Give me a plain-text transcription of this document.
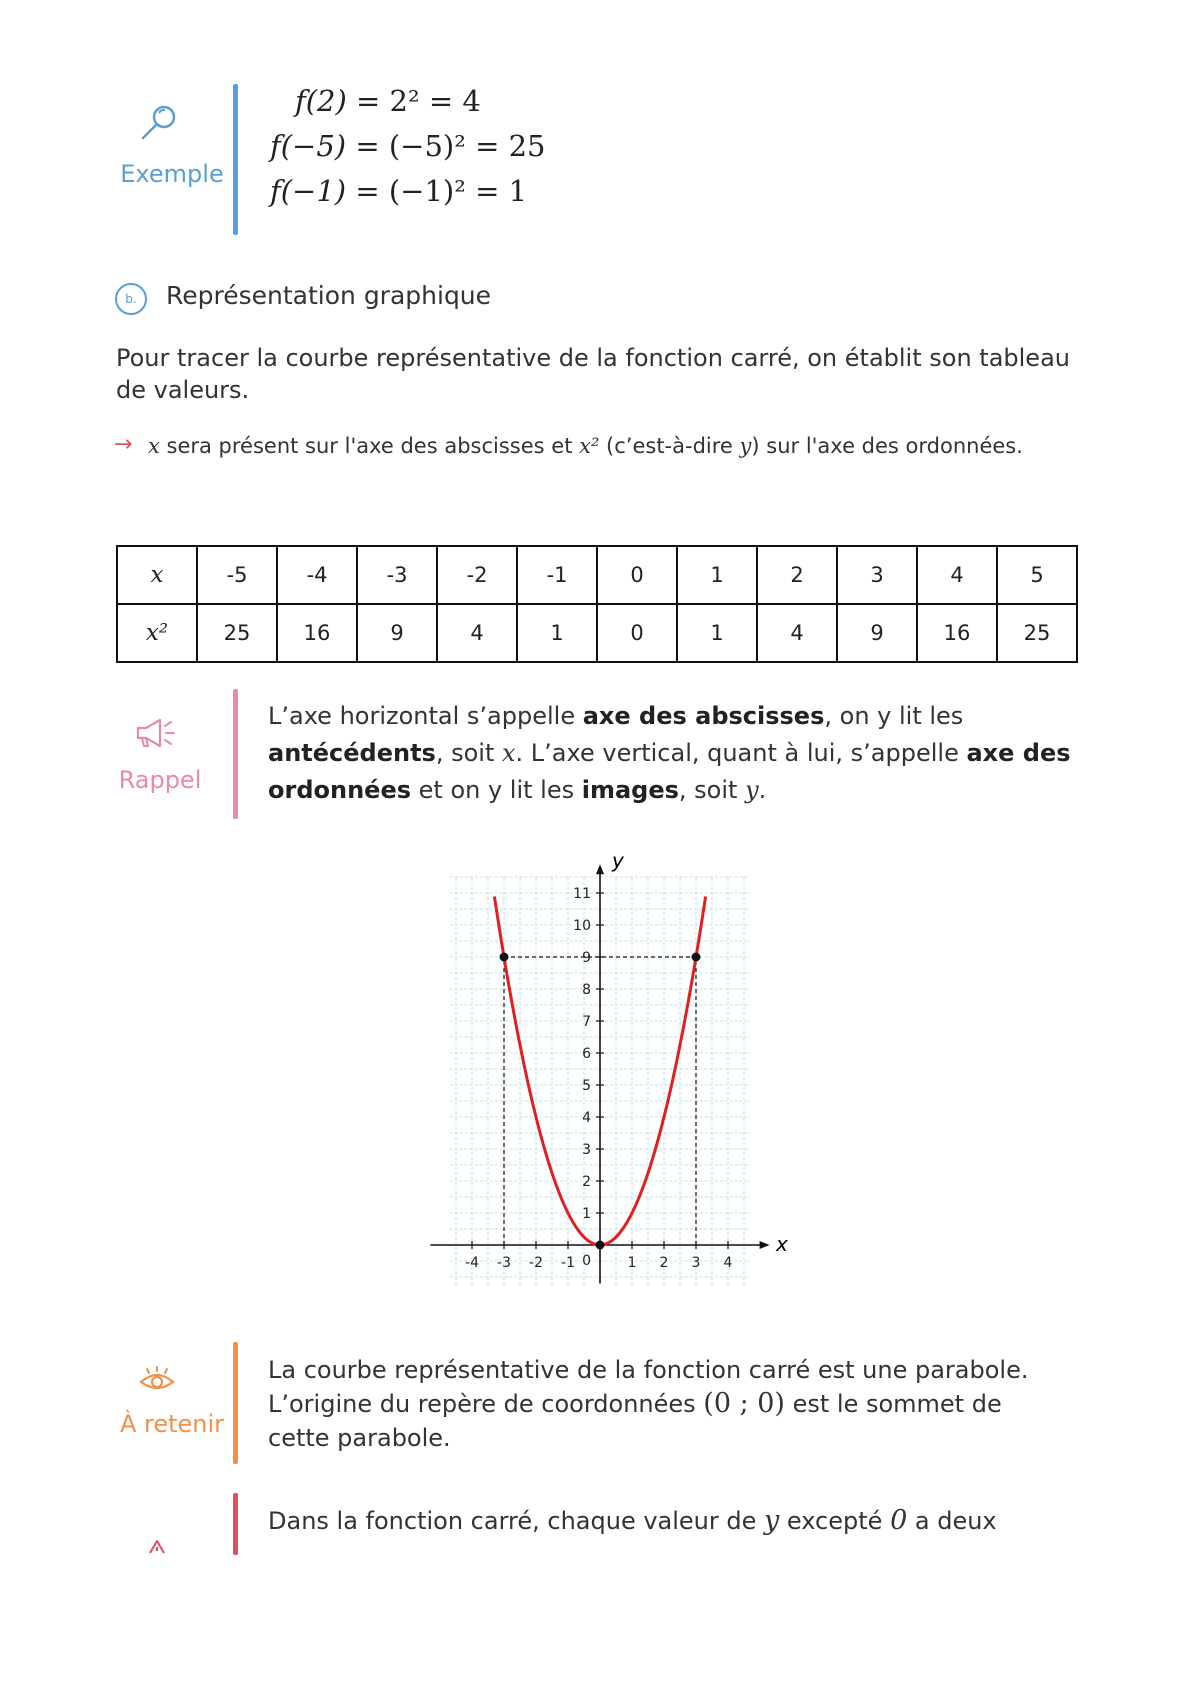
Exemple
f(2) = 2² = 4
f(−5) = (−5)² = 25
f(−1) = (−1)² = 1
b.	Représentation graphique
Pour tracer la courbe représentative de la fonction carré, on établit son tableau de valeurs.
→ x sera présent sur l'axe des abscisses et x² (c’est-à-dire y) sur l'axe des ordonnées.
x	-5	-4	-3	-2	-1	0	1	2	3	4	5
x²	25	16	9	4	1	0	1	4	9	16	25
Rappel
L’axe horizontal s’appelle axe des abscisses, on y lit les antécédents, soit x. L’axe vertical, quant à lui, s’appelle axe des ordonnées et on y lit les images, soit y.
x
y
-4 -3 -2 -1	1 2 3 4
1
2
3
4
5
6
7
8
9
10
11
0
À retenir
La courbe représentative de la fonction carré est une parabole. L’origine du repère de coordonnées (0 ; 0) est le sommet de cette parabole.
Dans la fonction carré, chaque valeur de y excepté 0 a deux
